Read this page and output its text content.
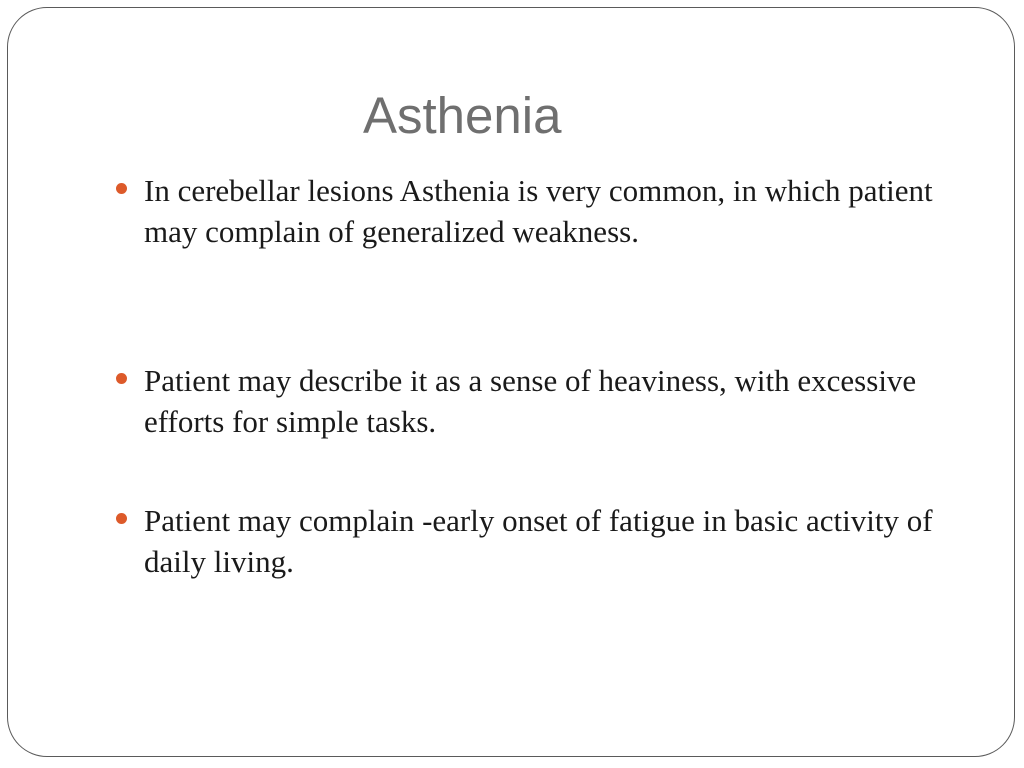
Asthenia
In cerebellar lesions Asthenia is very common, in which patient may complain of generalized weakness.
Patient may describe it as a sense of heaviness, with excessive efforts for simple tasks.
Patient may complain -early onset of fatigue in basic activity of daily living.
